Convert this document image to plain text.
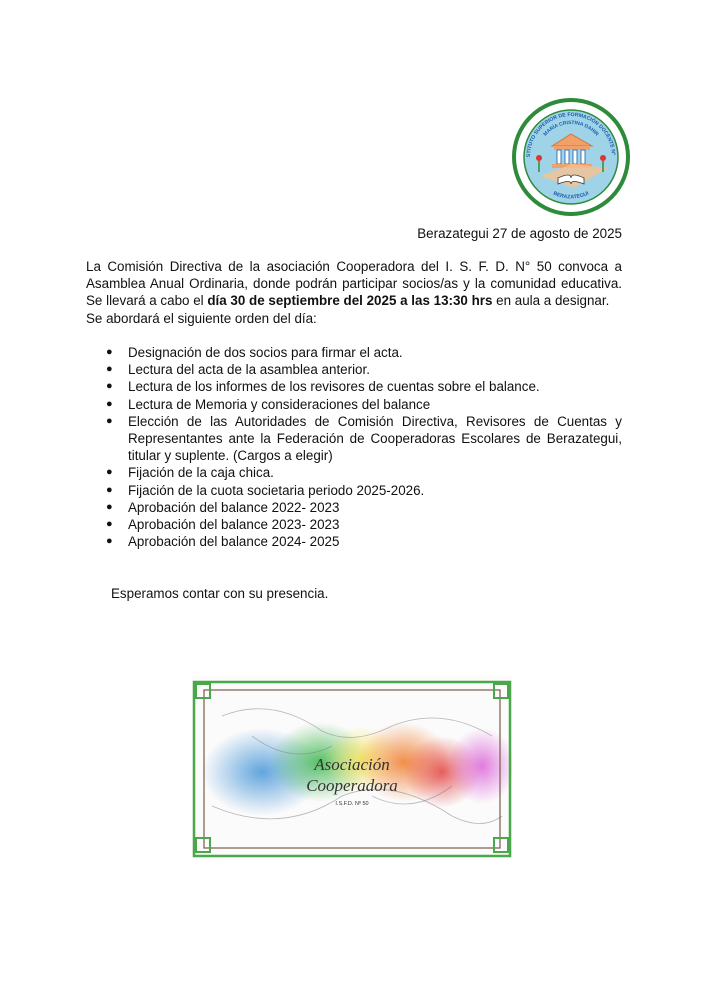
STITUTO SUPERIOR DE FORMACIÓN DOCENTE Nº
MARÍA CRISTINA DAHIR
BERAZATEGUI
Berazategui 27 de agosto de 2025

La Comisión Directiva de la asociación Cooperadora del I. S. F. D. N° 50 convoca a Asamblea Anual Ordinaria, donde podrán participar socios/as y la comunidad educativa. Se llevará a cabo el día 30 de septiembre del 2025 a las 13:30 hrs en aula a designar.

Se abordará el siguiente orden del día:

● Designación de dos socios para firmar el acta.
● Lectura del acta de la asamblea anterior.
● Lectura de los informes de los revisores de cuentas sobre el balance.
● Lectura de Memoria y consideraciones del balance
● Elección de las Autoridades de Comisión Directiva, Revisores de Cuentas y Representantes ante la Federación de Cooperadoras Escolares de Berazategui, titular y suplente. (Cargos a elegir)
● Fijación de la caja chica.
● Fijación de la cuota societaria periodo 2025-2026.
● Aprobación del balance 2022- 2023
● Aprobación del balance 2023- 2023
● Aprobación del balance 2024- 2025
Esperamos contar con su presencia.
Asociación
Cooperadora
I.S.F.D. Nº 50
